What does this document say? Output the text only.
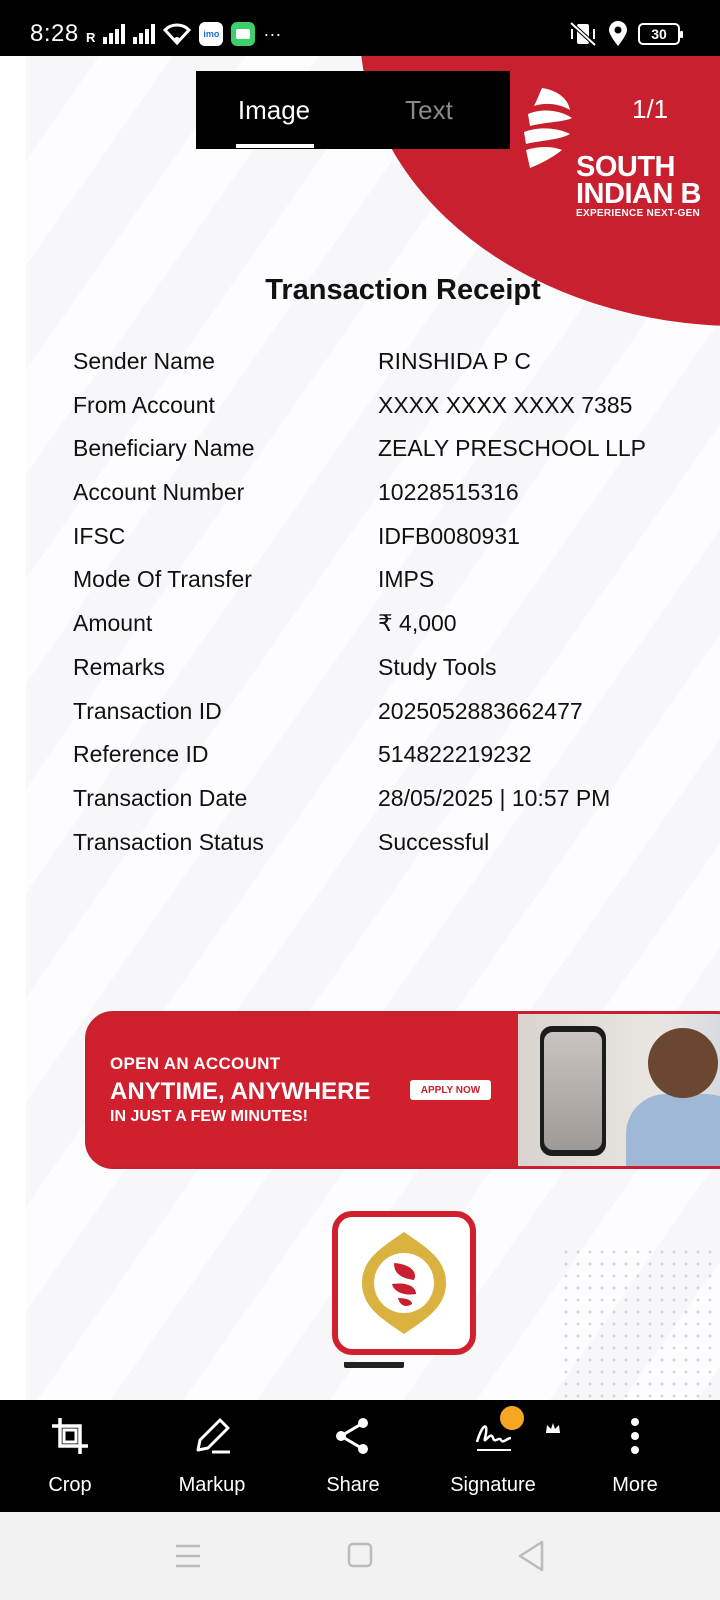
8:28 R	imo ···	30
SOUTH
INDIAN B
EXPERIENCE NEXT-GEN
1/1
Image	Text
Transaction Receipt
Sender Name	RINSHIDA P C
From Account	XXXX XXXX XXXX 7385
Beneficiary Name	ZEALY PRESCHOOL LLP
Account Number	10228515316
IFSC	IDFB0080931
Mode Of Transfer	IMPS
Amount	₹ 4,000
Remarks	Study Tools
Transaction ID	2025052883662477
Reference ID	514822219232
Transaction Date	28/05/2025 | 10:57 PM
Transaction Status	Successful
OPEN AN ACCOUNT
ANYTIME, ANYWHERE
IN JUST A FEW MINUTES!
APPLY NOW
Crop	Markup	Share	Signature	More
